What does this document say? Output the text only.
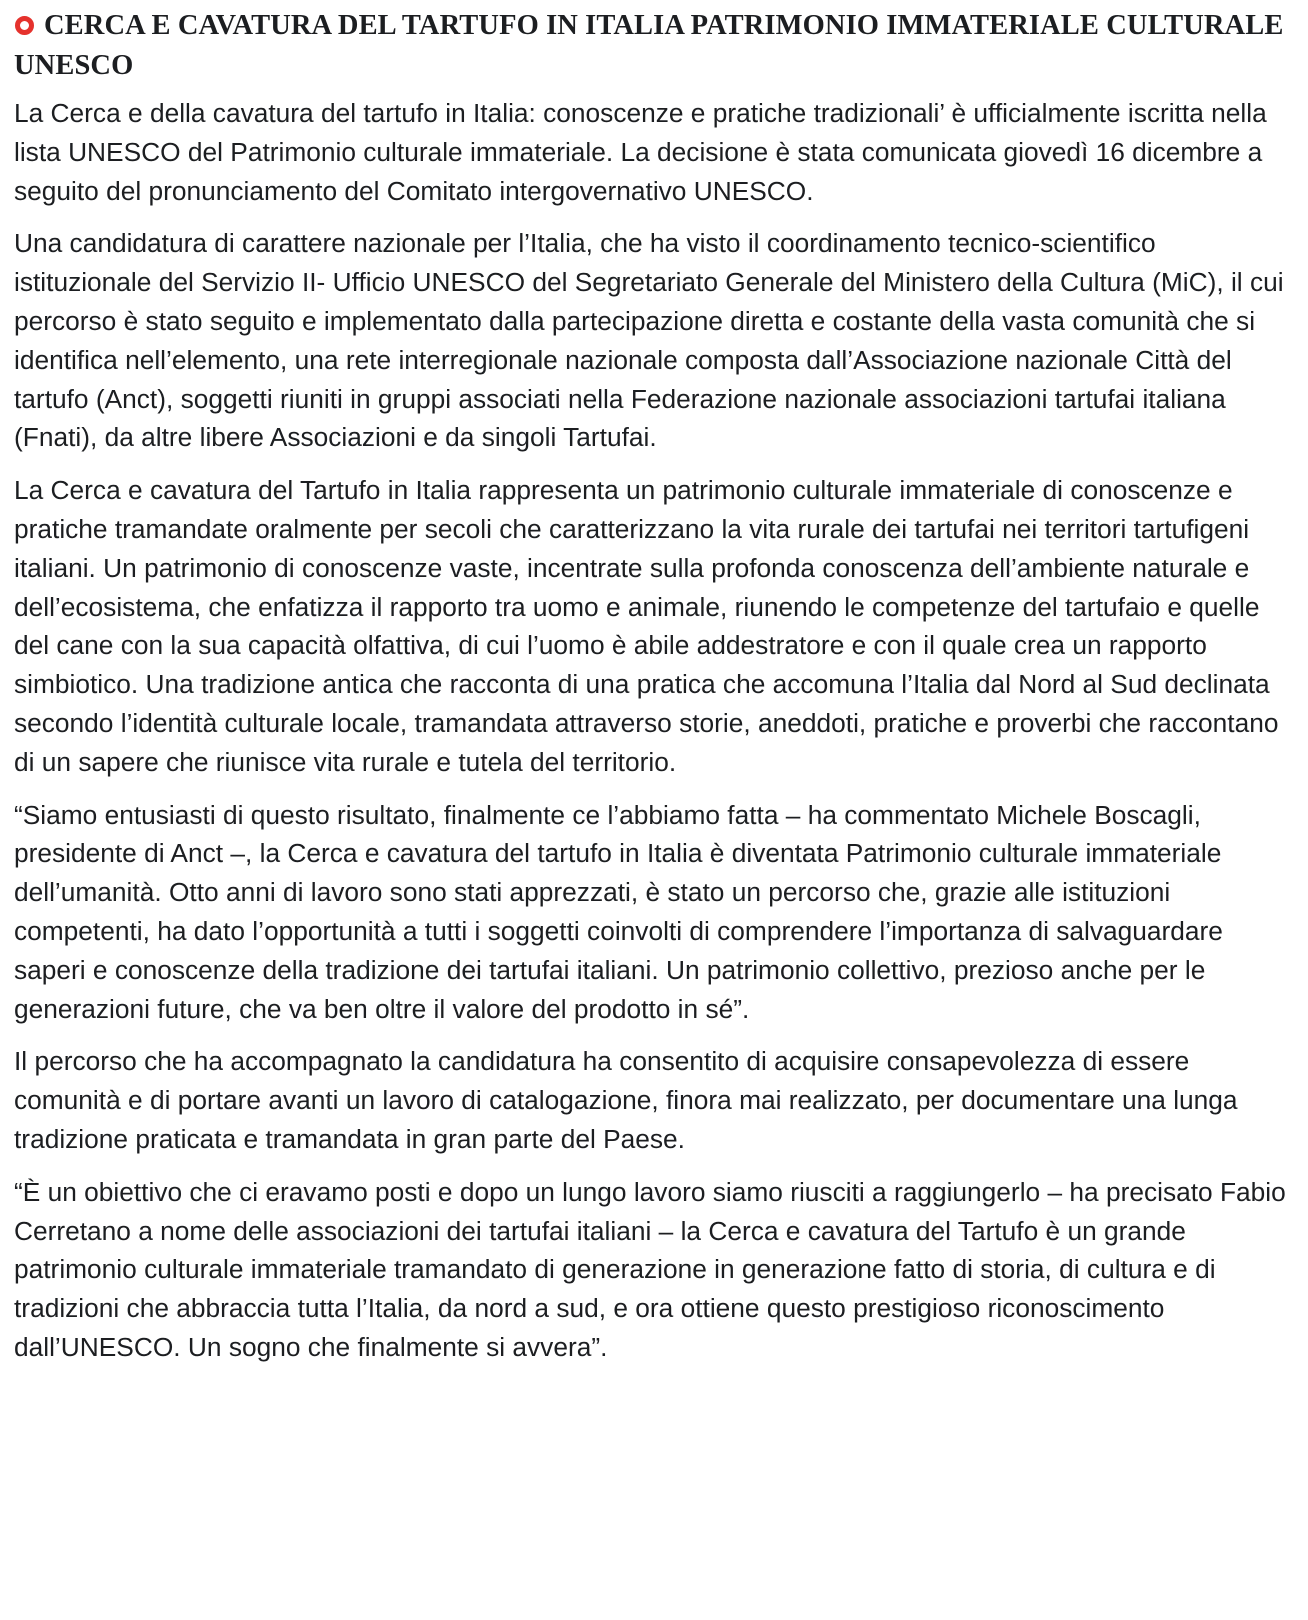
CERCA E CAVATURA DEL TARTUFO IN ITALIA PATRIMONIO IMMATERIALE CULTURALE UNESCO

La Cerca e della cavatura del tartufo in Italia: conoscenze e pratiche tradizionali’ è ufficialmente iscritta nella lista UNESCO del Patrimonio culturale immateriale. La decisione è stata comunicata giovedì 16 dicembre a seguito del pronunciamento del Comitato intergovernativo UNESCO.

Una candidatura di carattere nazionale per l’Italia, che ha visto il coordinamento tecnico-scientifico istituzionale del Servizio II- Ufficio UNESCO del Segretariato Generale del Ministero della Cultura (MiC), il cui percorso è stato seguito e implementato dalla partecipazione diretta e costante della vasta comunità che si identifica nell’elemento, una rete interregionale nazionale composta dall’Associazione nazionale Città del tartufo (Anct), soggetti riuniti in gruppi associati nella Federazione nazionale associazioni tartufai italiana (Fnati), da altre libere Associazioni e da singoli Tartufai.

La Cerca e cavatura del Tartufo in Italia rappresenta un patrimonio culturale immateriale di conoscenze e pratiche tramandate oralmente per secoli che caratterizzano la vita rurale dei tartufai nei territori tartufigeni italiani. Un patrimonio di conoscenze vaste, incentrate sulla profonda conoscenza dell’ambiente naturale e dell’ecosistema, che enfatizza il rapporto tra uomo e animale, riunendo le competenze del tartufaio e quelle del cane con la sua capacità olfattiva, di cui l’uomo è abile addestratore e con il quale crea un rapporto simbiotico. Una tradizione antica che racconta di una pratica che accomuna l’Italia dal Nord al Sud declinata secondo l’identità culturale locale, tramandata attraverso storie, aneddoti, pratiche e proverbi che raccontano di un sapere che riunisce vita rurale e tutela del territorio.

“Siamo entusiasti di questo risultato, finalmente ce l’abbiamo fatta – ha commentato Michele Boscagli, presidente di Anct –, la Cerca e cavatura del tartufo in Italia è diventata Patrimonio culturale immateriale dell’umanità. Otto anni di lavoro sono stati apprezzati, è stato un percorso che, grazie alle istituzioni competenti, ha dato l’opportunità a tutti i soggetti coinvolti di comprendere l’importanza di salvaguardare saperi e conoscenze della tradizione dei tartufai italiani. Un patrimonio collettivo, prezioso anche per le generazioni future, che va ben oltre il valore del prodotto in sé”.

Il percorso che ha accompagnato la candidatura ha consentito di acquisire consapevolezza di essere comunità e di portare avanti un lavoro di catalogazione, finora mai realizzato, per documentare una lunga tradizione praticata e tramandata in gran parte del Paese.

“È un obiettivo che ci eravamo posti e dopo un lungo lavoro siamo riusciti a raggiungerlo – ha precisato Fabio Cerretano a nome delle associazioni dei tartufai italiani – la Cerca e cavatura del Tartufo è un grande patrimonio culturale immateriale tramandato di generazione in generazione fatto di storia, di cultura e di tradizioni che abbraccia tutta l’Italia, da nord a sud, e ora ottiene questo prestigioso riconoscimento dall’UNESCO. Un sogno che finalmente si avvera”.
